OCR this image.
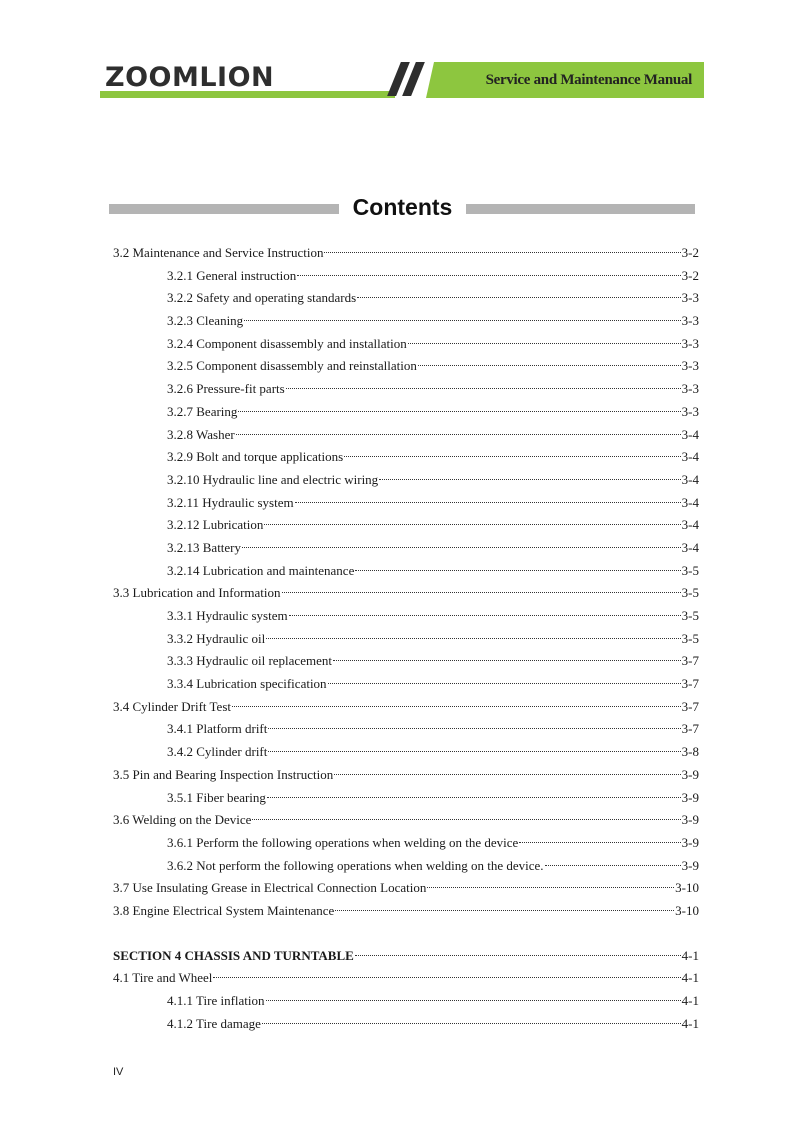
ZOOMLION	Service and Maintenance Manual
Contents
3.2 Maintenance and Service Instruction	3-2
3.2.1 General instruction	3-2
3.2.2 Safety and operating standards	3-3
3.2.3 Cleaning	3-3
3.2.4 Component disassembly and installation	3-3
3.2.5 Component disassembly and reinstallation	3-3
3.2.6 Pressure-fit parts	3-3
3.2.7 Bearing	3-3
3.2.8 Washer	3-4
3.2.9 Bolt and torque applications	3-4
3.2.10 Hydraulic line and electric wiring	3-4
3.2.11 Hydraulic system	3-4
3.2.12 Lubrication	3-4
3.2.13 Battery	3-4
3.2.14 Lubrication and maintenance	3-5
3.3 Lubrication and Information	3-5
3.3.1 Hydraulic system	3-5
3.3.2 Hydraulic oil	3-5
3.3.3 Hydraulic oil replacement	3-7
3.3.4 Lubrication specification	3-7
3.4 Cylinder Drift Test	3-7
3.4.1 Platform drift	3-7
3.4.2 Cylinder drift	3-8
3.5 Pin and Bearing Inspection Instruction	3-9
3.5.1 Fiber bearing	3-9
3.6 Welding on the Device	3-9
3.6.1 Perform the following operations when welding on the device	3-9
3.6.2 Not perform the following operations when welding on the device.	3-9
3.7 Use Insulating Grease in Electrical Connection Location	3-10
3.8 Engine Electrical System Maintenance	3-10
SECTION 4 CHASSIS AND TURNTABLE	4-1
4.1 Tire and Wheel	4-1
4.1.1 Tire inflation	4-1
4.1.2 Tire damage	4-1
IV
